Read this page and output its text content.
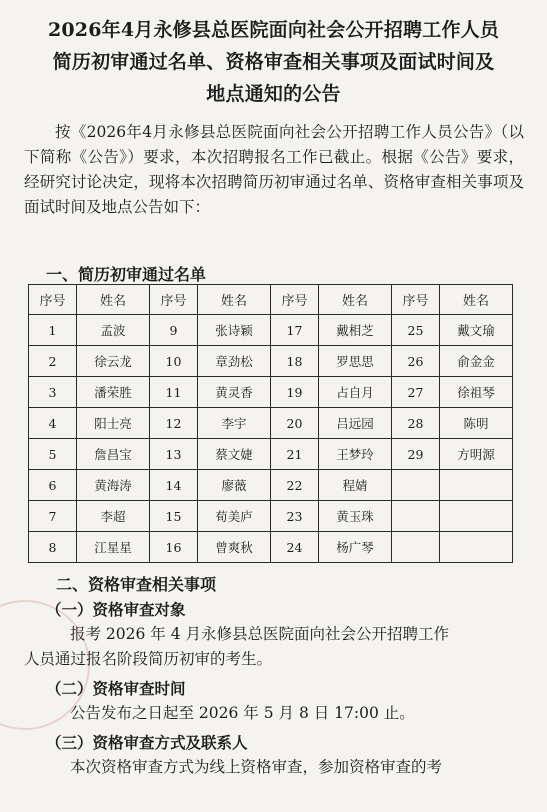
2026年4月永修县总医院面向社会公开招聘工作人员
简历初审通过名单、资格审查相关事项及面试时间及
地点通知的公告

按《2026年4月永修县总医院面向社会公开招聘工作人员公告》（以下简称《公告》）要求，本次招聘报名工作已截止。根据《公告》要求，经研究讨论决定，现将本次招聘简历初审通过名单、资格审查相关事项及面试时间及地点公告如下：

一、简历初审通过名单
序号	姓名	序号	姓名	序号	姓名	序号	姓名
1	孟波	9	张诗颖	17	戴相芝	25	戴文瑜
2	徐云龙	10	章劲松	18	罗思思	26	俞金金
3	潘荣胜	11	黄灵香	19	占自月	27	徐祖琴
4	阳士亮	12	李宇	20	吕远园	28	陈明
5	詹昌宝	13	蔡文婕	21	王梦玲	29	方明源
6	黄海涛	14	廖薇	22	程婧		
7	李超	15	荀美庐	23	黄玉珠		
8	江星星	16	曾爽秋	24	杨广琴		
二、资格审查相关事项
（一）资格审查对象
报考 2026 年 4 月永修县总医院面向社会公开招聘工作
人员通过报名阶段简历初审的考生。
（二）资格审查时间
公告发布之日起至 2026 年 5 月 8 日 17:00 止。
（三）资格审查方式及联系人
本次资格审查方式为线上资格审查，参加资格审查的考
